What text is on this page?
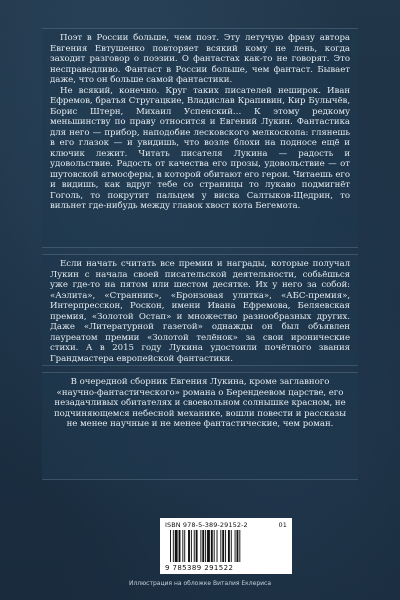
Поэт в России больше, чем поэт. Эту летучую фразу автора Евгения Евтушенко повторяет всякий кому не лень, когда заходит разговор о поэзии. О фантастах как-то не говорят. Это несправедливо. Фантаст в России больше, чем фантаст. Бывает даже, что он больше самой фантастики.

Не всякий, конечно. Круг таких писателей неширок. Иван Ефремов, братья Стругацкие, Владислав Крапивин, Кир Булычёв, Борис Штерн, Михаил Успенский… К этому редкому меньшинству по праву относится и Евгений Лукин. Фантастика для него — прибор, наподобие лесковского мелкоскопа: глянешь в его глазок — и увидишь, что возле блохи на подносе ещё и ключик лежит. Читать писателя Лукина — радость и удовольствие. Радость от качества его прозы, удовольствие — от шутовской атмосферы, в которой обитают его герои. Читаешь его и видишь, как вдруг тебе со страницы то лукаво подмигнёт Гоголь, то покрутит пальцем у виска Салтыков-Щедрин, то вильнет где-нибудь между главок хвост кота Бегемота.

Если начать считать все премии и награды, которые получал Лукин с начала своей писательской деятельности, собьёшься уже где-то на пятом или шестом десятке. Их у него за собой: «Аэлита», «Странник», «Бронзовая улитка», «АБС-премия», Интерпресскон, Роскон, имени Ивана Ефремова, Беляевская премия, «Золотой Остап» и множество разнообразных других. Даже «Литературной газетой» однажды он был объявлен лауреатом премии «Золотой телёнок» за свои иронические стихи. А в 2015 году Лукина удостоили почётного звания Грандмастера европейской фантастики.

В очередной сборник Евгения Лукина, кроме заглавного «научно-фантастического» романа о Берендеевом царстве, его незадачливых обитателях и своевольном солнышке красном, не подчиняющемся небесной механике, вошли повести и рассказы не менее научные и не менее фантастические, чем роман.

ISBN 978-5-389-29152-2	01
9 785389 291522
Иллюстрация на обложке Виталия Еклериса
